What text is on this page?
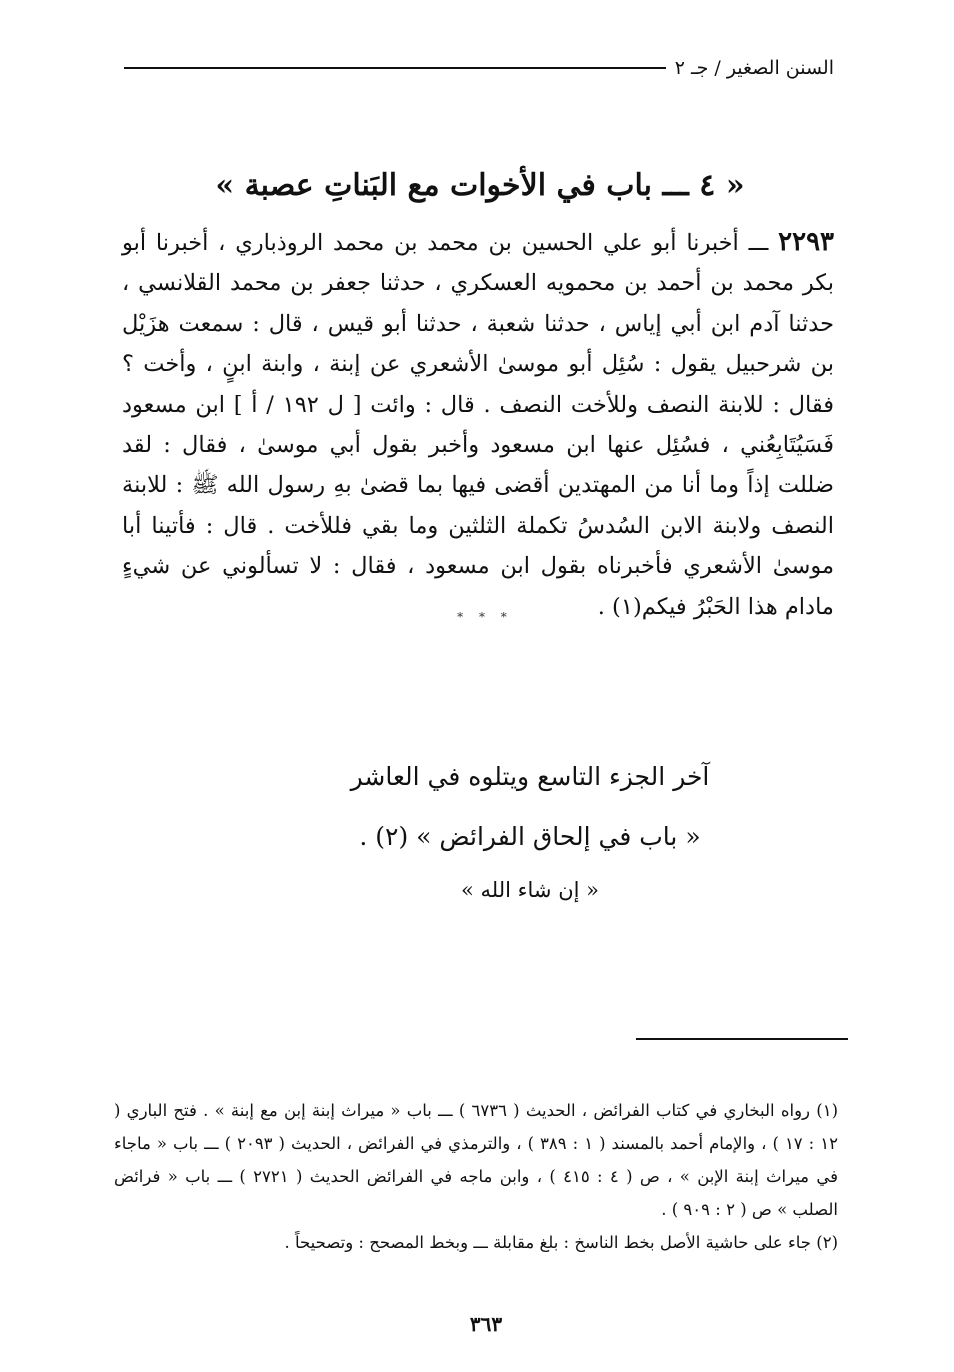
السنن الصغير / جـ ٢
« ٤ ـــ باب في الأخوات مع البَناتِ عصبة »
٢٢٩٣ ـــ أخبرنا أبو علي الحسين بن محمد بن محمد الروذباري ، أخبرنا أبو بكر محمد بن أحمد بن محمويه العسكري ، حدثنا جعفر بن محمد القلانسي ، حدثنا آدم ابن أبي إياس ، حدثنا شعبة ، حدثنا أبو قيس ، قال : سمعت هزَيْل بن شرحبيل يقول : سُئِل أبو موسىٰ الأشعري عن إبنة ، وابنة ابنٍ ، وأخت ؟ فقال : للابنة النصف وللأخت النصف . قال : وائت [ ل ١٩٢ / أ ] ابن مسعود فَسَيُتَابِعُني ، فسُئِل عنها ابن مسعود وأخبر بقول أبي موسىٰ ، فقال : لقد ضللت إذاً وما أنا من المهتدين أقضى فيها بما قضىٰ بهِ رسول الله ﷺ : للابنة النصف ولابنة الابن السُدسُ تكملة الثلثين وما بقي فللأخت . قال : فأتينا أبا موسىٰ الأشعري فأخبرناه بقول ابن مسعود ، فقال : لا تسألوني عن شيءٍ مادام هذا الحَبْرُ فيكم(١) .
* * *
آخر الجزء التاسع ويتلوه في العاشر
« باب في إلحاق الفرائض » (٢) .
« إن شاء الله »

(١) رواه البخاري في كتاب الفرائض ، الحديث ( ٦٧٣٦ ) ـــ باب « ميراث إبنة إبن مع إبنة » . فتح الباري ( ١٢ : ١٧ ) ، والإمام أحمد بالمسند ( ١ : ٣٨٩ ) ، والترمذي في الفرائض ، الحديث ( ٢٠٩٣ ) ـــ باب « ماجاء في ميراث إبنة الإبن » ، ص ( ٤ : ٤١٥ ) ، وابن ماجه في الفرائض الحديث ( ٢٧٢١ ) ـــ باب « فرائض الصلب » ص ( ٢ : ٩٠٩ ) .

(٢) جاء على حاشية الأصل بخط الناسخ : بلغ مقابلة ـــ وبخط المصحح : وتصحيحاً .

٣٦٣
